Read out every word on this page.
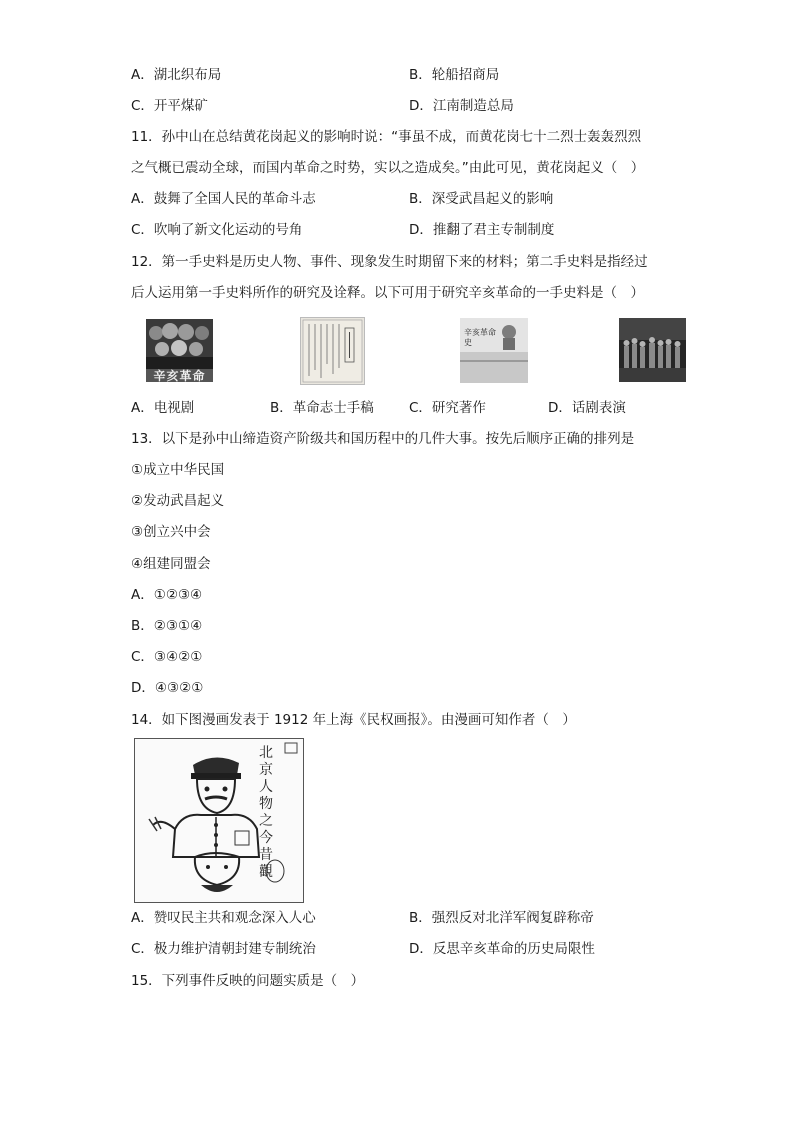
A．湖北织布局	B．轮船招商局
C．开平煤矿	D．江南制造总局
11．孙中山在总结黄花岗起义的影响时说：“事虽不成，而黄花岗七十二烈士轰轰烈烈
之气概已震动全球，而国内革命之时势，实以之造成矣。”由此可见，黄花岗起义（　）
A．鼓舞了全国人民的革命斗志	B．深受武昌起义的影响
C．吹响了新文化运动的号角	D．推翻了君主专制制度
12．第一手史料是历史人物、事件、现象发生时期留下来的材料；第二手史料是指经过
后人运用第一手史料所作的研究及诠释。以下可用于研究辛亥革命的一手史料是（　）
辛亥革命
辛亥革命史
A．电视剧	B．革命志士手稿	C．研究著作	D．话剧表演
13．以下是孙中山缔造资产阶级共和国历程中的几件大事。按先后顺序正确的排列是
①成立中华民国
②发动武昌起义
③创立兴中会
④组建同盟会
A．①②③④
B．②③①④
C．③④②①
D．④③②①
14．如下图漫画发表于 1912 年上海《民权画报》。由漫画可知作者（　）
北京人物之今昔觀
A．赞叹民主共和观念深入人心	B．强烈反对北洋军阀复辟称帝
C．极力维护清朝封建专制统治	D．反思辛亥革命的历史局限性
15．下列事件反映的问题实质是（　）
